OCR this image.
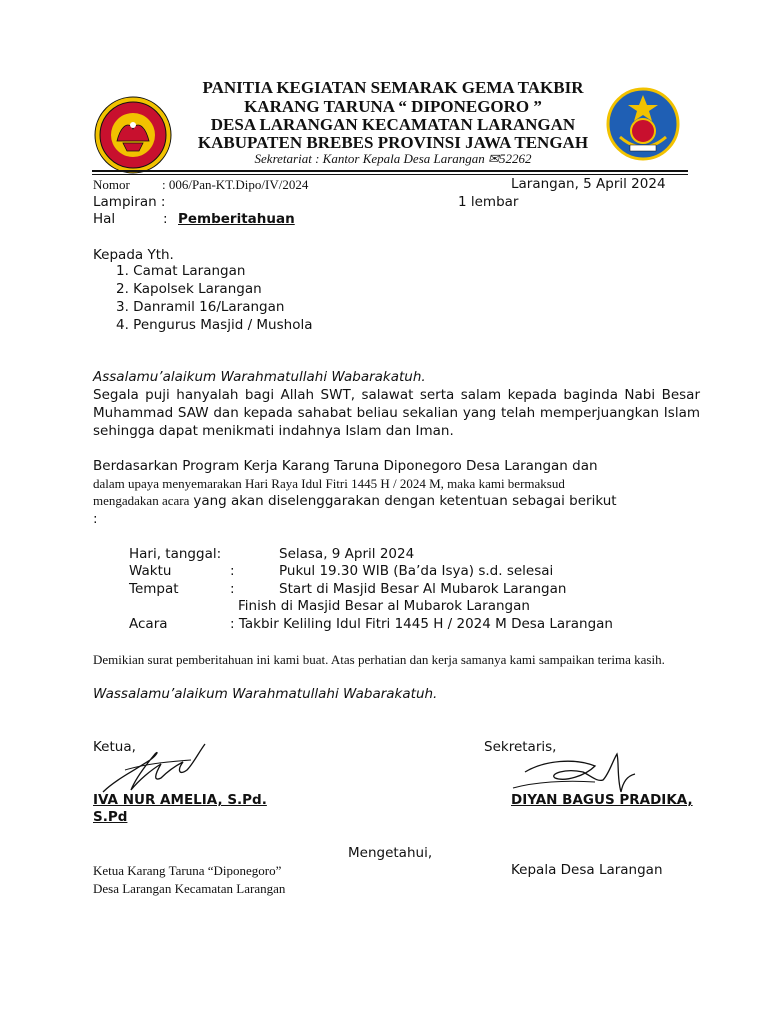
PANITIA KEGIATAN SEMARAK GEMA TAKBIR
KARANG TARUNA “ DIPONEGORO ”
DESA LARANGAN KECAMATAN LARANGAN
KABUPATEN BREBES PROVINSI JAWA TENGAH
Sekretariat : Kantor Kepala Desa Larangan ✉52262
Nomor : 006/Pan-KT.Dipo/IV/2024	Larangan, 5 April 2024
Lampiran :	1 lembar
Hal	: Pemberitahuan
Kepada Yth.
1. Camat Larangan
2. Kapolsek Larangan
3. Danramil 16/Larangan
4. Pengurus Masjid / Mushola
Assalamu’alaikum Warahmatullahi Wabarakatuh.
Segala puji hanyalah bagi Allah SWT, salawat serta salam kepada baginda Nabi Besar Muhammad SAW dan kepada sahabat beliau sekalian yang telah memperjuangkan Islam sehingga dapat menikmati indahnya Islam dan Iman.
Berdasarkan Program Kerja Karang Taruna Diponegoro Desa Larangan dan
dalam upaya menyemarakan Hari Raya Idul Fitri 1445 H / 2024 M, maka kami bermaksud
mengadakan acara yang akan diselenggarakan dengan ketentuan sebagai berikut
:
Hari, tanggal:	Selasa, 9 April 2024
Waktu	:	Pukul 19.30 WIB (Ba’da Isya) s.d. selesai
Tempat	:	Start di Masjid Besar Al Mubarok Larangan
Finish di Masjid Besar al Mubarok Larangan
Acara	: Takbir Keliling Idul Fitri 1445 H / 2024 M Desa Larangan
Demikian surat pemberitahuan ini kami buat. Atas perhatian dan kerja samanya kami sampaikan terima kasih.
Wassalamu’alaikum Warahmatullahi Wabarakatuh.
Ketua,	Sekretaris,
IVA NUR AMELIA, S.Pd.
S.Pd
DIYAN BAGUS PRADIKA,
Mengetahui,
Ketua Karang Taruna “Diponegoro”
Desa Larangan Kecamatan Larangan
Kepala Desa Larangan
